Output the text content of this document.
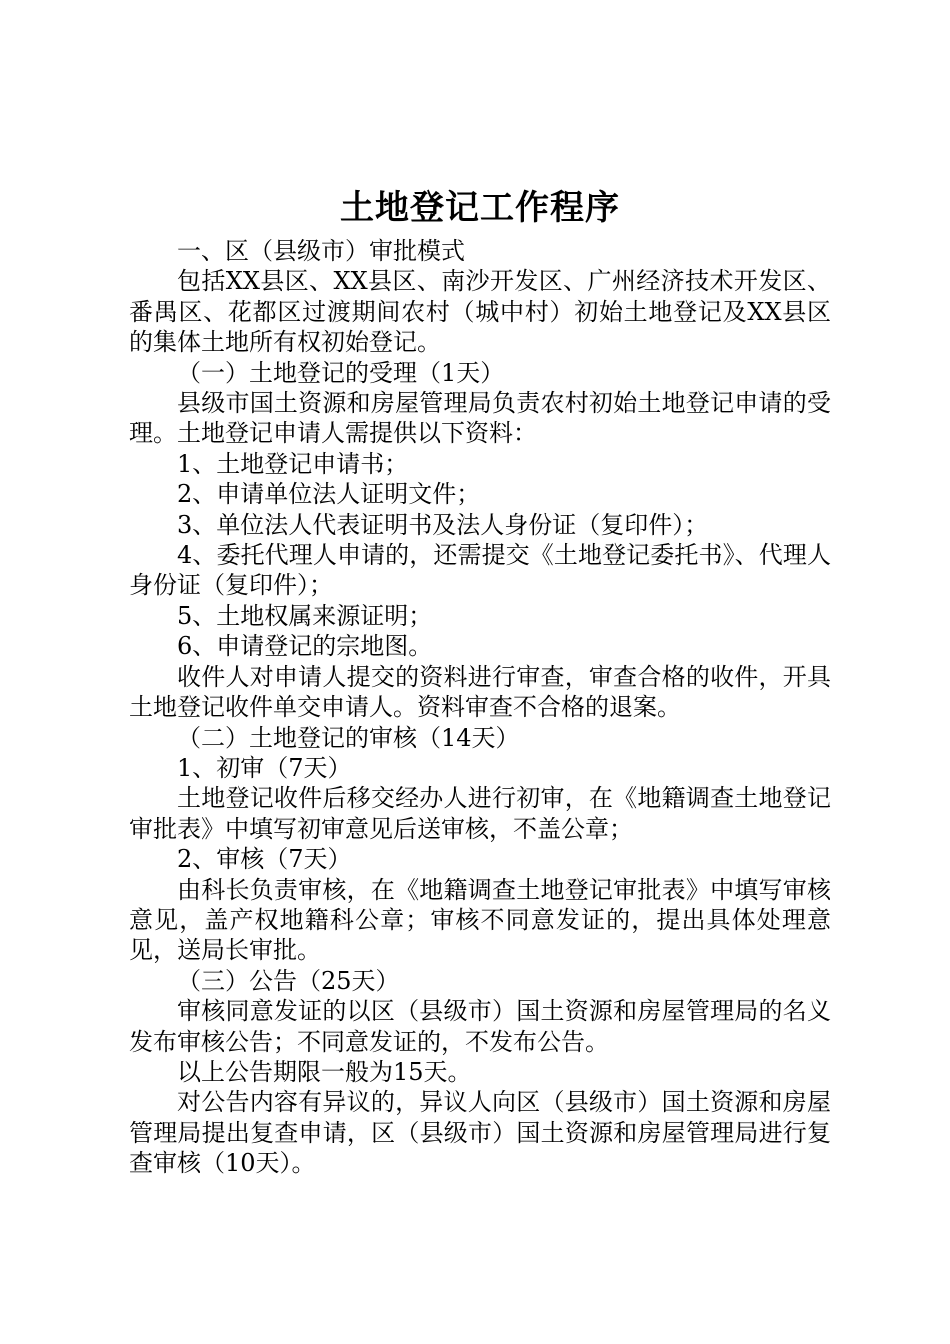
土地登记工作程序

一、区（县级市）审批模式

包括XX县区、XX县区、南沙开发区、广州经济技术开发区、番禺区、花都区过渡期间农村（城中村）初始土地登记及XX县区的集体土地所有权初始登记。

（一）土地登记的受理（1天）

县级市国土资源和房屋管理局负责农村初始土地登记申请的受理。土地登记申请人需提供以下资料：

1、土地登记申请书；

2、申请单位法人证明文件；

3、单位法人代表证明书及法人身份证（复印件）；

4、委托代理人申请的，还需提交《土地登记委托书》、代理人身份证（复印件）；

5、土地权属来源证明；

6、申请登记的宗地图。

收件人对申请人提交的资料进行审查，审查合格的收件，开具土地登记收件单交申请人。资料审查不合格的退案。

（二）土地登记的审核（14天）

1、初审（7天）

土地登记收件后移交经办人进行初审，在《地籍调查土地登记审批表》中填写初审意见后送审核，不盖公章；

2、审核（7天）

由科长负责审核，在《地籍调查土地登记审批表》中填写审核意见，盖产权地籍科公章；审核不同意发证的，提出具体处理意见，送局长审批。

（三）公告（25天）

审核同意发证的以区（县级市）国土资源和房屋管理局的名义发布审核公告；不同意发证的，不发布公告。

以上公告期限一般为15天。

对公告内容有异议的，异议人向区（县级市）国土资源和房屋管理局提出复查申请，区（县级市）国土资源和房屋管理局进行复查审核（10天）。
